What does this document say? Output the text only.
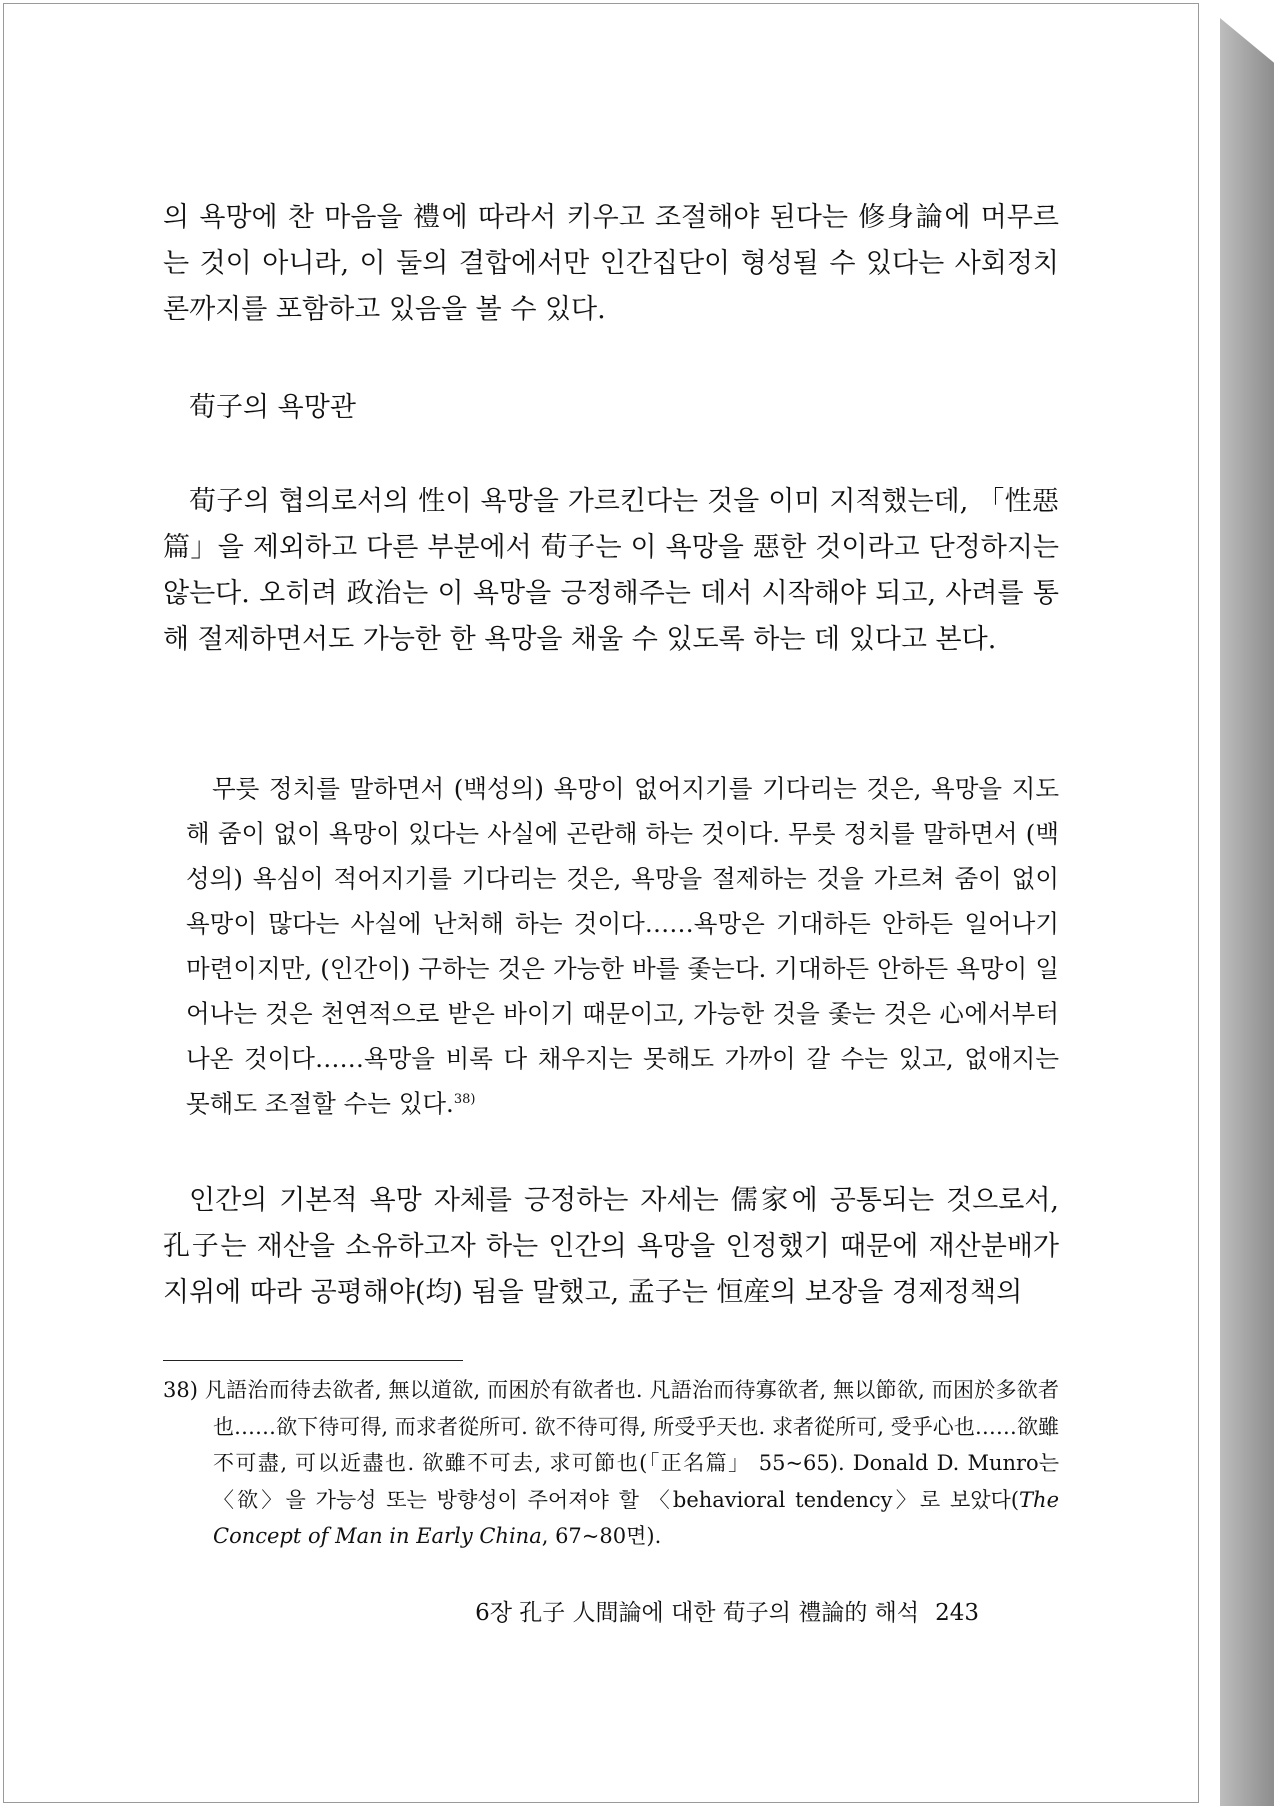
의 욕망에 찬 마음을 禮에 따라서 키우고 조절해야 된다는 修身論에 머무르는 것이 아니라, 이 둘의 결합에서만 인간집단이 형성될 수 있다는 사회정치론까지를 포함하고 있음을 볼 수 있다.

荀子의 욕망관

荀子의 협의로서의 性이 욕망을 가르킨다는 것을 이미 지적했는데, 「性惡篇」을 제외하고 다른 부분에서 荀子는 이 욕망을 惡한 것이라고 단정하지는 않는다. 오히려 政治는 이 욕망을 긍정해주는 데서 시작해야 되고, 사려를 통해 절제하면서도 가능한 한 욕망을 채울 수 있도록 하는 데 있다고 본다.

무릇 정치를 말하면서 (백성의) 욕망이 없어지기를 기다리는 것은, 욕망을 지도해 줌이 없이 욕망이 있다는 사실에 곤란해 하는 것이다. 무릇 정치를 말하면서 (백성의) 욕심이 적어지기를 기다리는 것은, 욕망을 절제하는 것을 가르쳐 줌이 없이 욕망이 많다는 사실에 난처해 하는 것이다……욕망은 기대하든 안하든 일어나기 마련이지만, (인간이) 구하는 것은 가능한 바를 좇는다. 기대하든 안하든 욕망이 일어나는 것은 천연적으로 받은 바이기 때문이고, 가능한 것을 좇는 것은 心에서부터 나온 것이다……욕망을 비록 다 채우지는 못해도 가까이 갈 수는 있고, 없애지는 못해도 조절할 수는 있다.$^{38)}$

인간의 기본적 욕망 자체를 긍정하는 자세는 儒家에 공통되는 것으로서, 孔子는 재산을 소유하고자 하는 인간의 욕망을 인정했기 때문에 재산분배가 지위에 따라 공평해야(均) 됨을 말했고, 孟子는 恒産의 보장을 경제정책의

38) 凡語治而待去欲者, 無以道欲, 而困於有欲者也. 凡語治而待寡欲者, 無以節欲, 而困於多欲者也……欲下待可得, 而求者從所可. 欲不待可得, 所受乎天也. 求者從所可, 受乎心也……欲雖不可盡, 可以近盡也. 欲雖不可去, 求可節也(「正名篇」 55~65). Donald D. Munro는 〈欲〉을 가능성 또는 방향성이 주어져야 할 〈behavioral tendency〉로 보았다(The Concept of Man in Early China, 67~80면).

6장 孔子 人間論에 대한 荀子의 禮論的 해석 243
